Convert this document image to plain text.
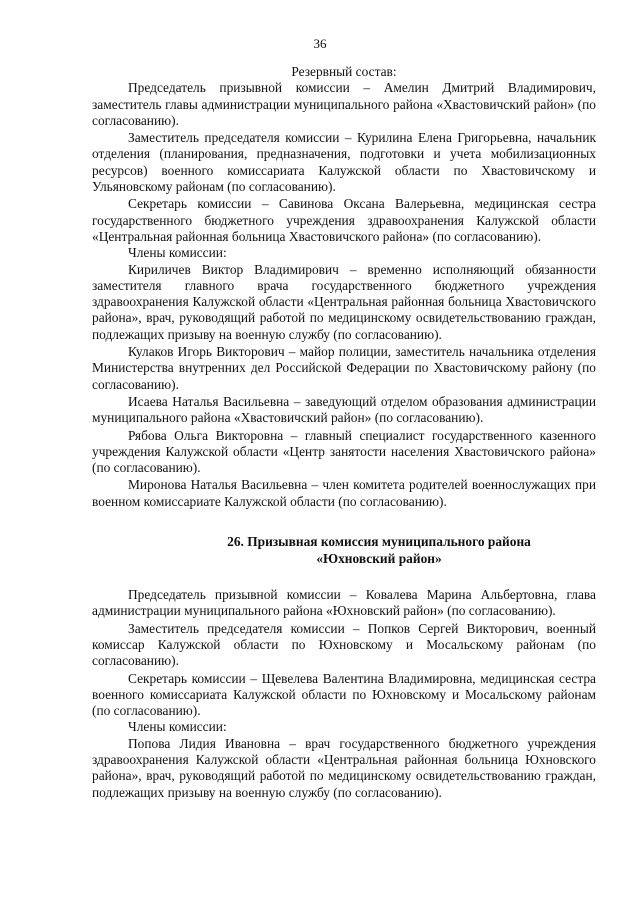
36

Резервный состав:

Председатель призывной комиссии – Амелин Дмитрий Владимирович, заместитель главы администрации муниципального района «Хвастовичский район» (по согласованию).

Заместитель председателя комиссии – Курилина Елена Григорьевна, начальник отделения (планирования, предназначения, подготовки и учета мобилизационных ресурсов) военного комиссариата Калужской области по Хвастовичскому и Ульяновскому районам (по согласованию).

Секретарь комиссии – Савинова Оксана Валерьевна, медицинская сестра государственного бюджетного учреждения здравоохранения Калужской области «Центральная районная больница Хвастовичского района» (по согласованию).

Члены комиссии:

Кириличев Виктор Владимирович – временно исполняющий обязанности заместителя главного врача государственного бюджетного учреждения здравоохранения Калужской области «Центральная районная больница Хвастовичского района», врач, руководящий работой по медицинскому освидетельствованию граждан, подлежащих призыву на военную службу (по согласованию).

Кулаков Игорь Викторович – майор полиции, заместитель начальника отделения Министерства внутренних дел Российской Федерации по Хвастовичскому району (по согласованию).

Исаева Наталья Васильевна – заведующий отделом образования администрации муниципального района «Хвастовичский район» (по согласованию).

Рябова Ольга Викторовна – главный специалист государственного казенного учреждения Калужской области «Центр занятости населения Хвастовичского района» (по согласованию).

Миронова Наталья Васильевна – член комитета родителей военнослужащих при военном комиссариате Калужской области (по согласованию).

26. Призывная комиссия муниципального района
«Юхновский район»

Председатель призывной комиссии – Ковалева Марина Альбертовна, глава администрации муниципального района «Юхновский район» (по согласованию).

Заместитель председателя комиссии – Попков Сергей Викторович, военный комиссар Калужской области по Юхновскому и Мосальскому районам (по согласованию).

Секретарь комиссии – Щевелева Валентина Владимировна, медицинская сестра военного комиссариата Калужской области по Юхновскому и Мосальскому районам (по согласованию).

Члены комиссии:

Попова Лидия Ивановна – врач государственного бюджетного учреждения здравоохранения Калужской области «Центральная районная больница Юхновского района», врач, руководящий работой по медицинскому освидетельствованию граждан, подлежащих призыву на военную службу (по согласованию).
